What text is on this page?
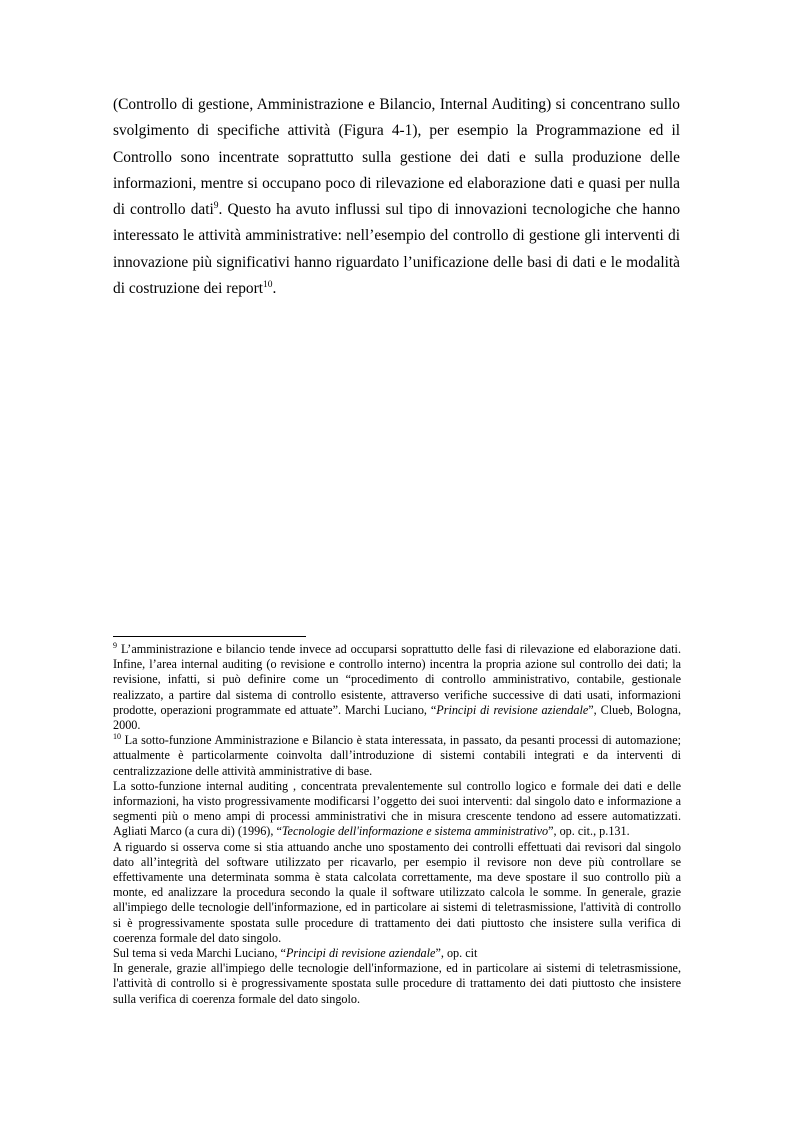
(Controllo di gestione, Amministrazione e Bilancio, Internal Auditing) si concentrano sullo svolgimento di specifiche attività (Figura 4-1), per esempio la Programmazione ed il Controllo sono incentrate soprattutto sulla gestione dei dati e sulla produzione delle informazioni, mentre si occupano poco di rilevazione ed elaborazione dati e quasi per nulla di controllo dati$^9$. Questo ha avuto influssi sul tipo di innovazioni tecnologiche che hanno interessato le attività amministrative: nell’esempio del controllo di gestione gli interventi di innovazione più significativi hanno riguardato l’unificazione delle basi di dati e le modalità di costruzione dei report$^{10}$.

$^9$ L’amministrazione e bilancio tende invece ad occuparsi soprattutto delle fasi di rilevazione ed elaborazione dati. Infine, l’area internal auditing (o revisione e controllo interno) incentra la propria azione sul controllo dei dati; la revisione, infatti, si può definire come un “procedimento di controllo amministrativo, contabile, gestionale realizzato, a partire dal sistema di controllo esistente, attraverso verifiche successive di dati usati, informazioni prodotte, operazioni programmate ed attuate”. Marchi Luciano, “Principi di revisione aziendale”, Clueb, Bologna, 2000.

$^{10}$ La sotto-funzione Amministrazione e Bilancio è stata interessata, in passato, da pesanti processi di automazione; attualmente è particolarmente coinvolta dall’introduzione di sistemi contabili integrati e da interventi di centralizzazione delle attività amministrative di base.

La sotto-funzione internal auditing , concentrata prevalentemente sul controllo logico e formale dei dati e delle informazioni, ha visto progressivamente modificarsi l’oggetto dei suoi interventi: dal singolo dato e informazione a segmenti più o meno ampi di processi amministrativi che in misura crescente tendono ad essere automatizzati. Agliati Marco (a cura di) (1996), “Tecnologie dell'informazione e sistema amministrativo”, op. cit., p.131.

A riguardo si osserva come si stia attuando anche uno spostamento dei controlli effettuati dai revisori dal singolo dato all’integrità del software utilizzato per ricavarlo, per esempio il revisore non deve più controllare se effettivamente una determinata somma è stata calcolata correttamente, ma deve spostare il suo controllo più a monte, ed analizzare la procedura secondo la quale il software utilizzato calcola le somme. In generale, grazie all'impiego delle tecnologie dell'informazione, ed in particolare ai sistemi di teletrasmissione, l'attività di controllo si è progressivamente spostata sulle procedure di trattamento dei dati piuttosto che insistere sulla verifica di coerenza formale del dato singolo.

Sul tema si veda Marchi Luciano, “Principi di revisione aziendale”, op. cit

In generale, grazie all'impiego delle tecnologie dell'informazione, ed in particolare ai sistemi di teletrasmissione, l'attività di controllo si è progressivamente spostata sulle procedure di trattamento dei dati piuttosto che insistere sulla verifica di coerenza formale del dato singolo.
